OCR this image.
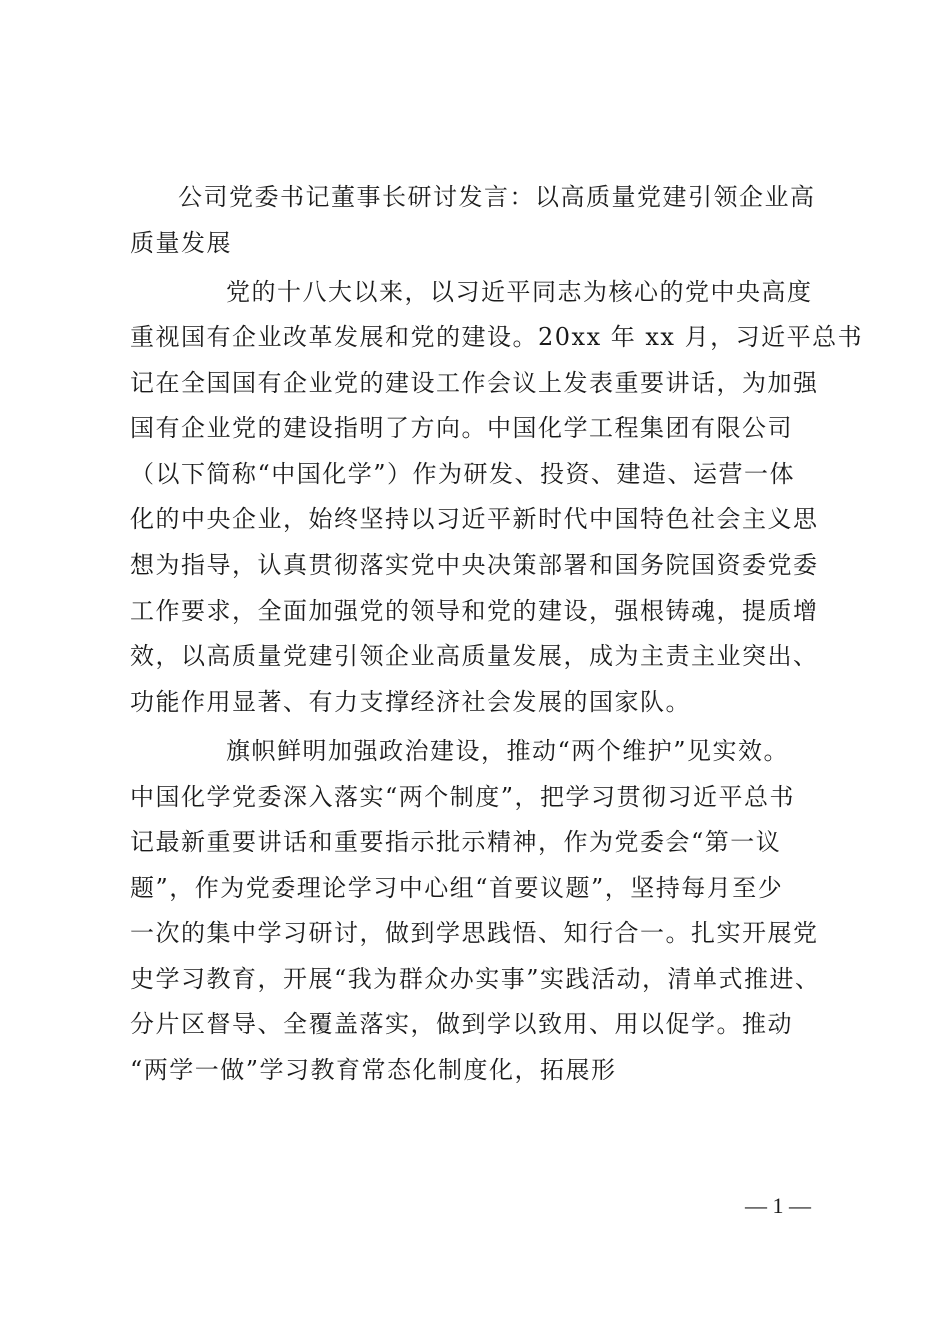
公司党委书记董事长研讨发言：以高质量党建引领企业高
质量发展
党的十八大以来，以习近平同志为核心的党中央高度
重视国有企业改革发展和党的建设。20xx 年 xx 月，习近平总书
记在全国国有企业党的建设工作会议上发表重要讲话，为加强
国有企业党的建设指明了方向。中国化学工程集团有限公司
（以下简称“中国化学”）作为研发、投资、建造、运营一体
化的中央企业，始终坚持以习近平新时代中国特色社会主义思
想为指导，认真贯彻落实党中央决策部署和国务院国资委党委
工作要求，全面加强党的领导和党的建设，强根铸魂，提质增
效，以高质量党建引领企业高质量发展，成为主责主业突出、
功能作用显著、有力支撑经济社会发展的国家队。
旗帜鲜明加强政治建设，推动“两个维护”见实效。
中国化学党委深入落实“两个制度”，把学习贯彻习近平总书
记最新重要讲话和重要指示批示精神，作为党委会“第一议
题”，作为党委理论学习中心组“首要议题”，坚持每月至少
一次的集中学习研讨，做到学思践悟、知行合一。扎实开展党
史学习教育，开展“我为群众办实事”实践活动，清单式推进、
分片区督导、全覆盖落实，做到学以致用、用以促学。推动
“两学一做”学习教育常态化制度化，拓展形
— 1 —
